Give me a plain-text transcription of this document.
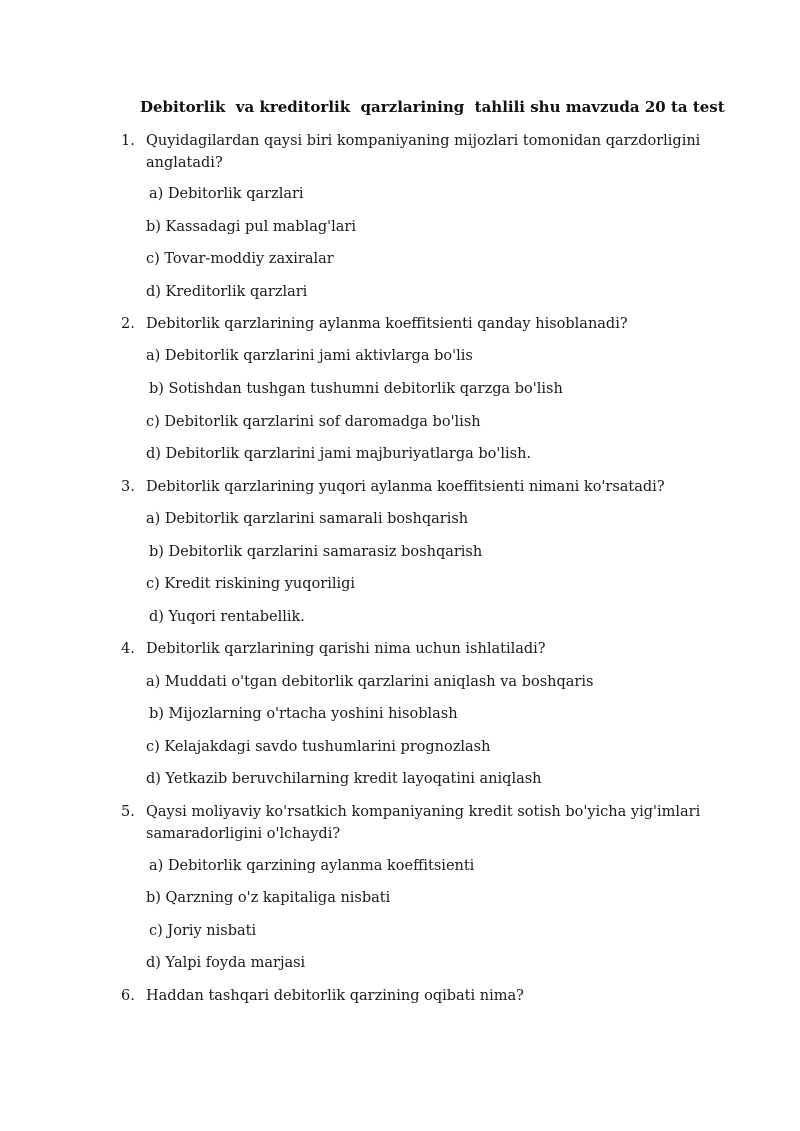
Debitorlik  va kreditorlik  qarzlarining  tahlili shu mavzuda 20 ta test
1. Quyidagilardan qaysi biri kompaniyaning mijozlari tomonidan qarzdorligini anglatadi?
a) Debitorlik qarzlari
b) Kassadagi pul mablag'lari
c) Tovar-moddiy zaxiralar
d) Kreditorlik qarzlari
2. Debitorlik qarzlarining aylanma koeffitsienti qanday hisoblanadi?
a) Debitorlik qarzlarini jami aktivlarga bo'lis
b) Sotishdan tushgan tushumni debitorlik qarzga bo'lish
c) Debitorlik qarzlarini sof daromadga bo'lish
d) Debitorlik qarzlarini jami majburiyatlarga bo'lish.
3. Debitorlik qarzlarining yuqori aylanma koeffitsienti nimani ko'rsatadi?
a) Debitorlik qarzlarini samarali boshqarish
b) Debitorlik qarzlarini samarasiz boshqarish
c) Kredit riskining yuqoriligi
d) Yuqori rentabellik.
4. Debitorlik qarzlarining qarishi nima uchun ishlatiladi?
a) Muddati o'tgan debitorlik qarzlarini aniqlash va boshqaris
b) Mijozlarning o'rtacha yoshini hisoblash
c) Kelajakdagi savdo tushumlarini prognozlash
d) Yetkazib beruvchilarning kredit layoqatini aniqlash
5. Qaysi moliyaviy ko'rsatkich kompaniyaning kredit sotish bo'yicha yig'imlari samaradorligini o'lchaydi?
a) Debitorlik qarzining aylanma koeffitsienti
b) Qarzning o'z kapitaliga nisbati
c) Joriy nisbati
d) Yalpi foyda marjasi
6. Haddan tashqari debitorlik qarzining oqibati nima?
